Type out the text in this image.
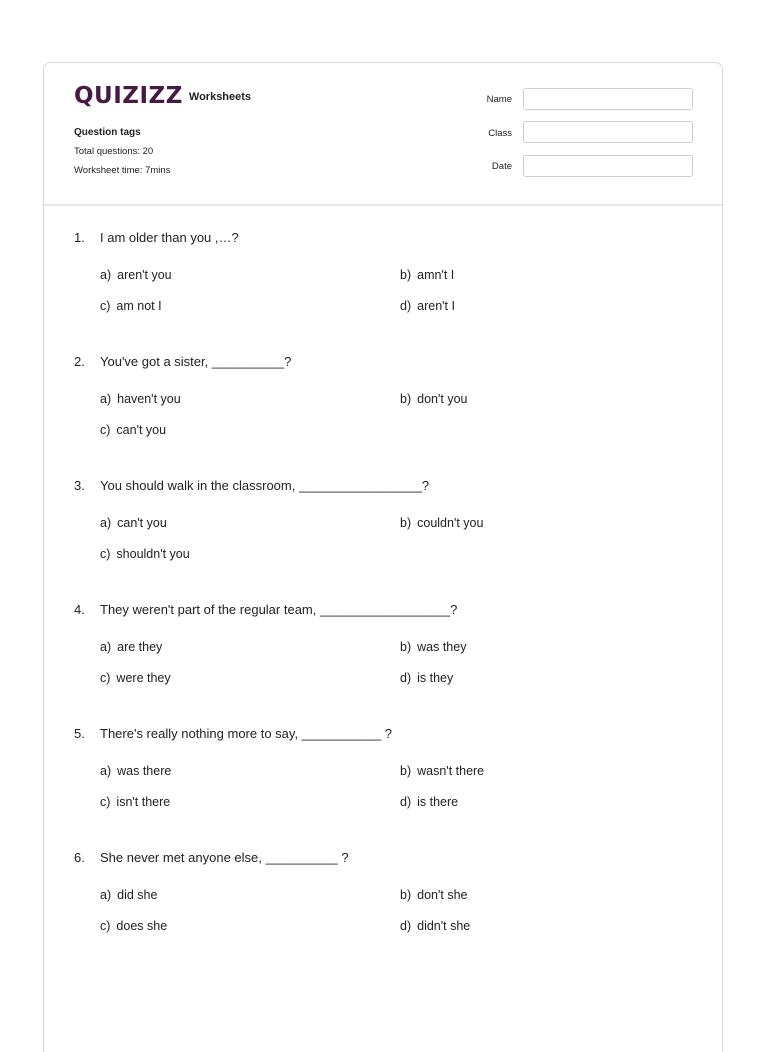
QUIZIZZ Worksheets
Question tags
Total questions: 20
Worksheet time: 7mins
Name
Class
Date
1.	I am older than you ,…?
a) aren't you	b) amn't I
c) am not I	d) aren't I
2.	You've got a sister, __________?
a) haven't you	b) don't you
c) can't you
3.	You should walk in the classroom, _________________?
a) can't you	b) couldn't you
c) shouldn't you
4.	They weren't part of the regular team, __________________?
a) are they	b) was they
c) were they	d) is they
5.	There's really nothing more to say, ___________ ?
a) was there	b) wasn't there
c) isn't there	d) is there
6.	She never met anyone else, __________ ?
a) did she	b) don't she
c) does she	d) didn't she
